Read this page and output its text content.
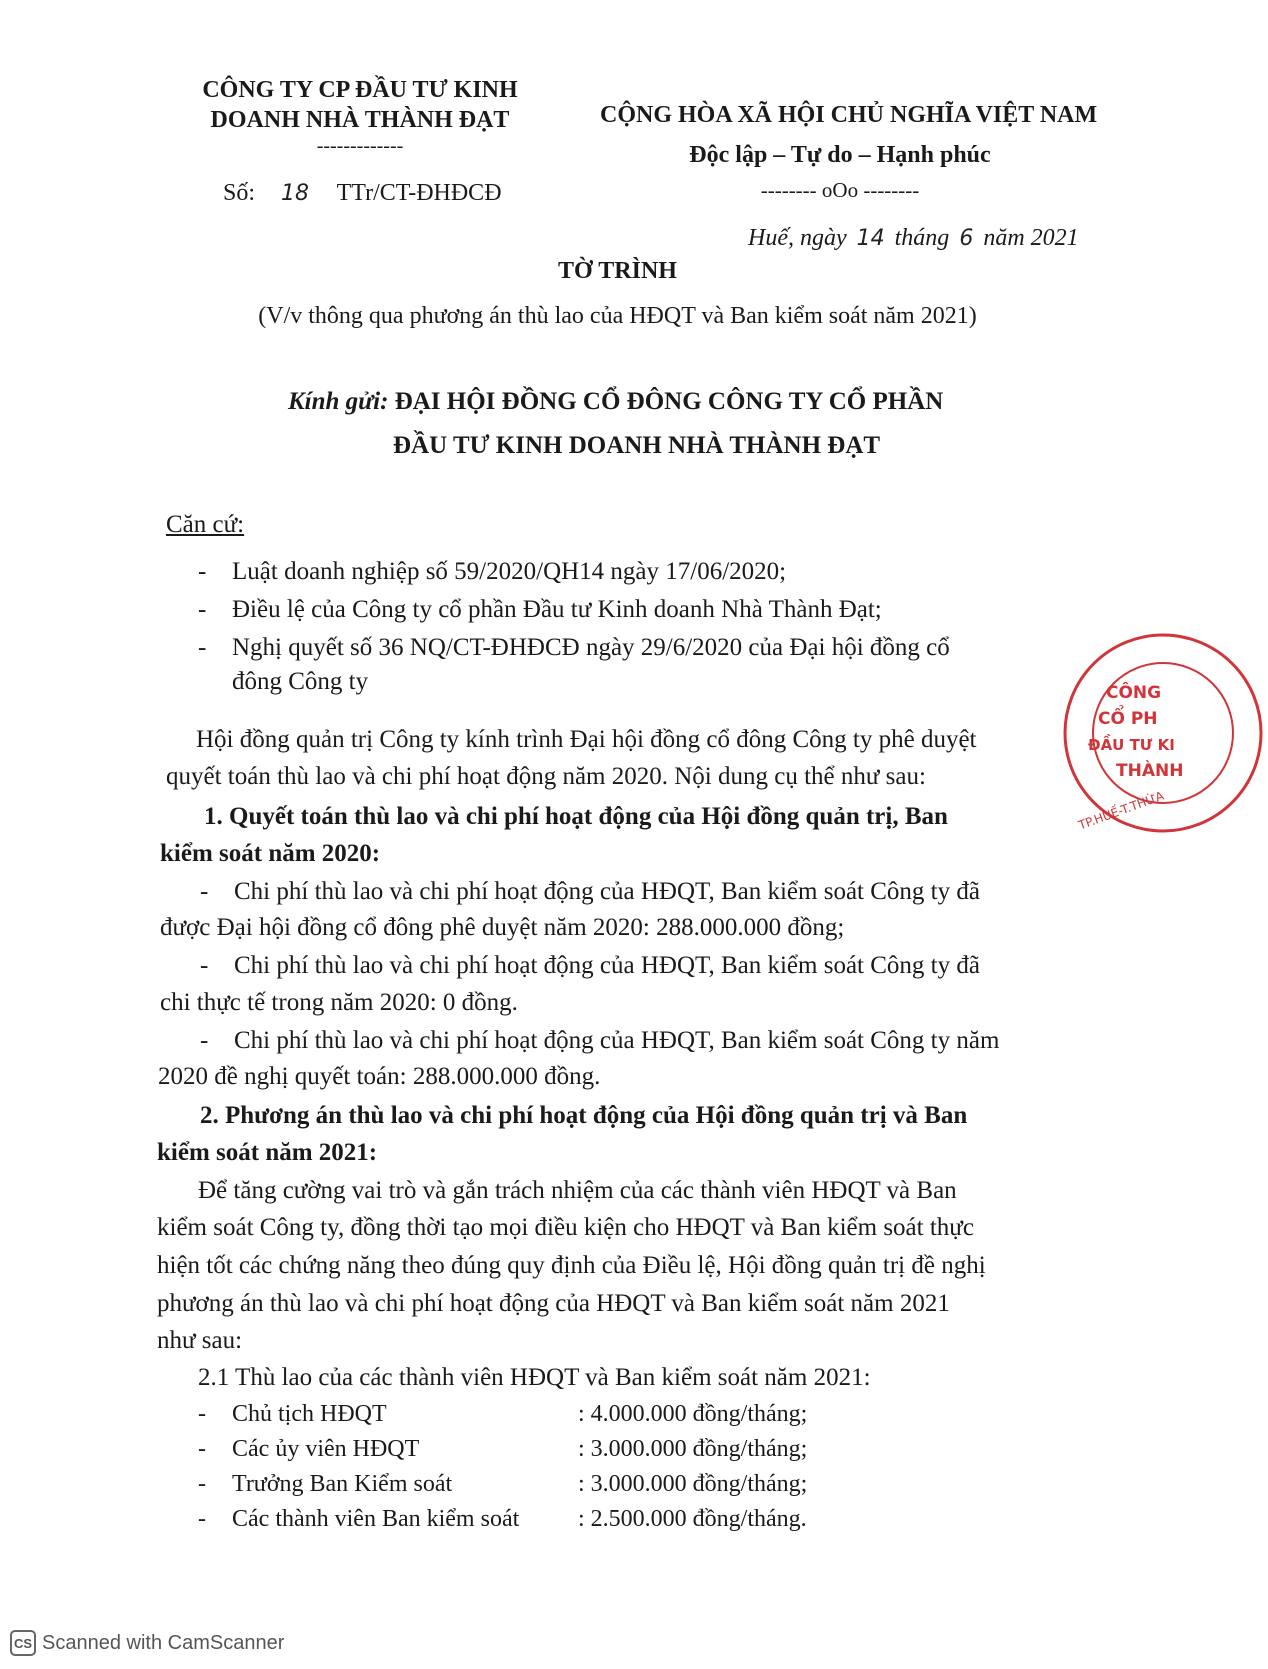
CÔNG TY CP ĐẦU TƯ KINH
DOANH NHÀ THÀNH ĐẠT
-------------
Số: 18 TTr/CT-ĐHĐCĐ
CỘNG HÒA XÃ HỘI CHỦ NGHĨA VIỆT NAM
Độc lập – Tự do – Hạnh phúc
-------- oOo --------
Huế, ngày 14 tháng 6 năm 2021
TỜ TRÌNH
(V/v thông qua phương án thù lao của HĐQT và Ban kiểm soát năm 2021)
Kính gửi: ĐẠI HỘI ĐỒNG CỔ ĐÔNG CÔNG TY CỔ PHẦN
ĐẦU TƯ KINH DOANH NHÀ THÀNH ĐẠT
Căn cứ:
- Luật doanh nghiệp số 59/2020/QH14 ngày 17/06/2020;
- Điều lệ của Công ty cổ phần Đầu tư Kinh doanh Nhà Thành Đạt;
- Nghị quyết số 36 NQ/CT-ĐHĐCĐ ngày 29/6/2020 của Đại hội đồng cổ
đông Công ty
Hội đồng quản trị Công ty kính trình Đại hội đồng cổ đông Công ty phê duyệt
quyết toán thù lao và chi phí hoạt động năm 2020. Nội dung cụ thể như sau:
1. Quyết toán thù lao và chi phí hoạt động của Hội đồng quản trị, Ban
kiểm soát năm 2020:
- Chi phí thù lao và chi phí hoạt động của HĐQT, Ban kiểm soát Công ty đã
được Đại hội đồng cổ đông phê duyệt năm 2020: 288.000.000 đồng;
- Chi phí thù lao và chi phí hoạt động của HĐQT, Ban kiểm soát Công ty đã
chi thực tế trong năm 2020: 0 đồng.
- Chi phí thù lao và chi phí hoạt động của HĐQT, Ban kiểm soát Công ty năm
2020 đề nghị quyết toán: 288.000.000 đồng.
2. Phương án thù lao và chi phí hoạt động của Hội đồng quản trị và Ban
kiểm soát năm 2021:
Để tăng cường vai trò và gắn trách nhiệm của các thành viên HĐQT và Ban
kiểm soát Công ty, đồng thời tạo mọi điều kiện cho HĐQT và Ban kiểm soát thực
hiện tốt các chứng năng theo đúng quy định của Điều lệ, Hội đồng quản trị đề nghị
phương án thù lao và chi phí hoạt động của HĐQT và Ban kiểm soát năm 2021
như sau:
2.1 Thù lao của các thành viên HĐQT và Ban kiểm soát năm 2021:
- Chủ tịch HĐQT	: 4.000.000 đồng/tháng;
- Các ủy viên HĐQT	: 3.000.000 đồng/tháng;
- Trưởng Ban Kiểm soát	: 3.000.000 đồng/tháng;
- Các thành viên Ban kiểm soát : 2.500.000 đồng/tháng.
CÔNG
CỔ PH
ĐẦU TƯ KI
THÀNH
TP.HUẾ-T.THỪA
CS Scanned with CamScanner
